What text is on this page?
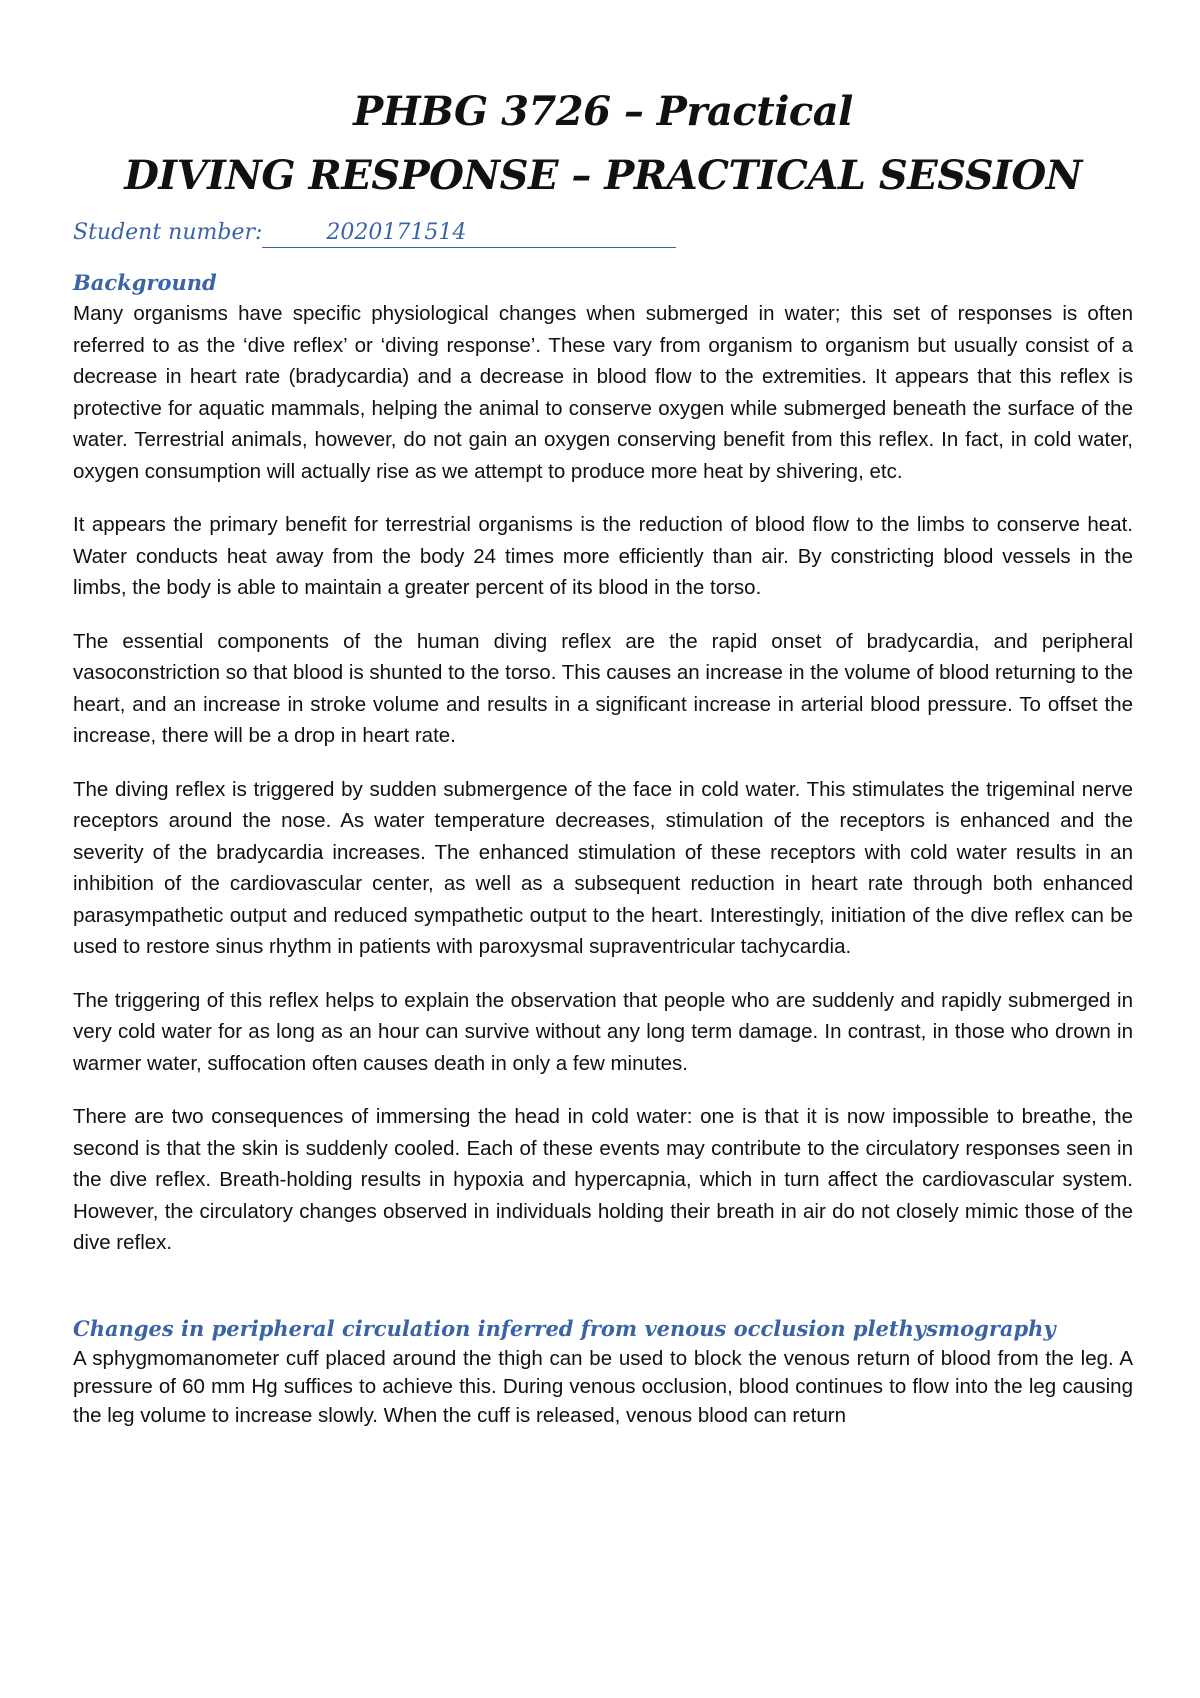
PHBG 3726 – Practical
DIVING RESPONSE – PRACTICAL SESSION
Student number:	2020171514
Background

Many organisms have specific physiological changes when submerged in water; this set of responses is often referred to as the ‘dive reflex’ or ‘diving response’. These vary from organism to organism but usually consist of a decrease in heart rate (bradycardia) and a decrease in blood flow to the extremities. It appears that this reflex is protective for aquatic mammals, helping the animal to conserve oxygen while submerged beneath the surface of the water. Terrestrial animals, however, do not gain an oxygen conserving benefit from this reflex. In fact, in cold water, oxygen consumption will actually rise as we attempt to produce more heat by shivering, etc.

It appears the primary benefit for terrestrial organisms is the reduction of blood flow to the limbs to conserve heat. Water conducts heat away from the body 24 times more efficiently than air. By constricting blood vessels in the limbs, the body is able to maintain a greater percent of its blood in the torso.

The essential components of the human diving reflex are the rapid onset of bradycardia, and peripheral vasoconstriction so that blood is shunted to the torso. This causes an increase in the volume of blood returning to the heart, and an increase in stroke volume and results in a significant increase in arterial blood pressure. To offset the increase, there will be a drop in heart rate.

The diving reflex is triggered by sudden submergence of the face in cold water. This stimulates the trigeminal nerve receptors around the nose. As water temperature decreases, stimulation of the receptors is enhanced and the severity of the bradycardia increases. The enhanced stimulation of these receptors with cold water results in an inhibition of the cardiovascular center, as well as a subsequent reduction in heart rate through both enhanced parasympathetic output and reduced sympathetic output to the heart. Interestingly, initiation of the dive reflex can be used to restore sinus rhythm in patients with paroxysmal supraventricular tachycardia.

The triggering of this reflex helps to explain the observation that people who are suddenly and rapidly submerged in very cold water for as long as an hour can survive without any long term damage. In contrast, in those who drown in warmer water, suffocation often causes death in only a few minutes.

There are two consequences of immersing the head in cold water: one is that it is now impossible to breathe, the second is that the skin is suddenly cooled. Each of these events may contribute to the circulatory responses seen in the dive reflex. Breath-holding results in hypoxia and hypercapnia, which in turn affect the cardiovascular system. However, the circulatory changes observed in individuals holding their breath in air do not closely mimic those of the dive reflex.

Changes in peripheral circulation inferred from venous occlusion plethysmography

A sphygmomanometer cuff placed around the thigh can be used to block the venous return of blood from the leg. A pressure of 60 mm Hg suffices to achieve this. During venous occlusion, blood continues to flow into the leg causing the leg volume to increase slowly. When the cuff is released, venous blood can return
